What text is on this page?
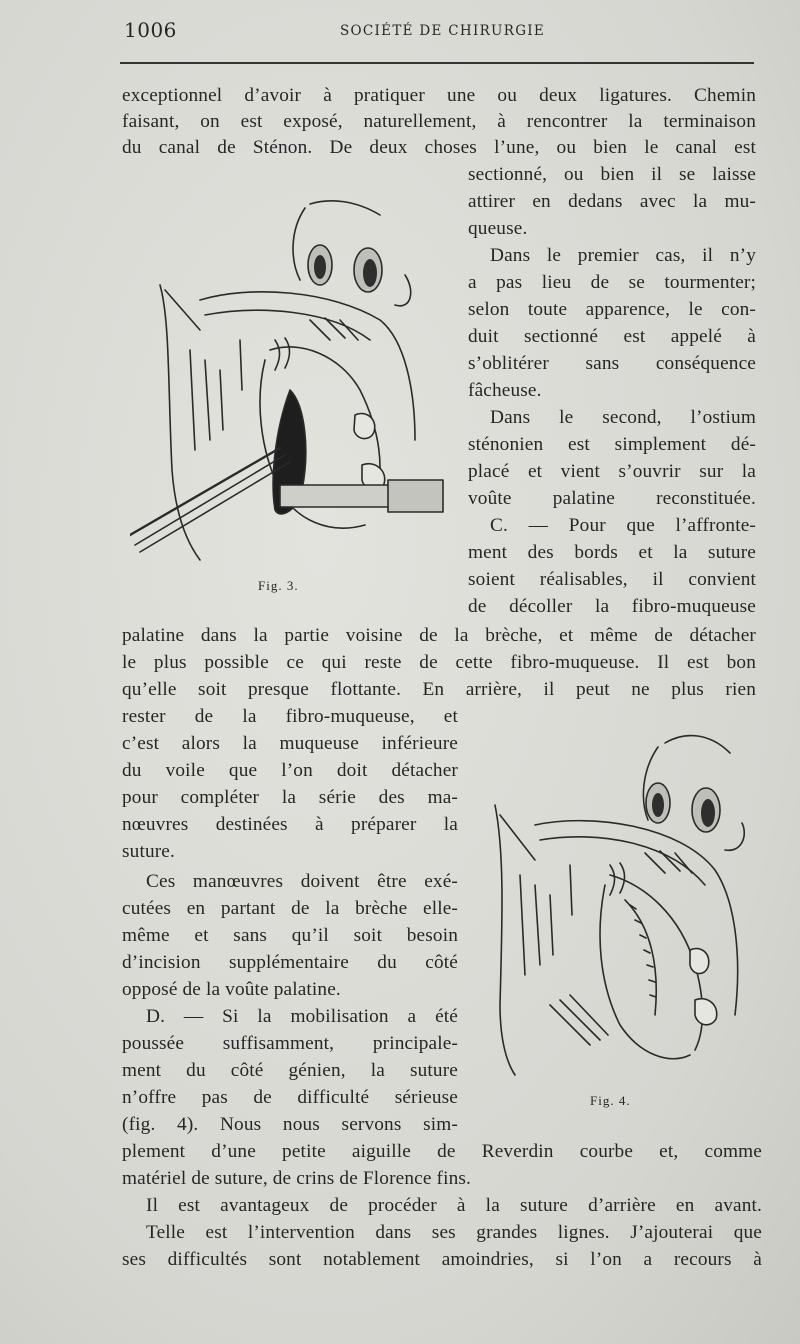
1006	SOCIÉTÉ DE CHIRURGIE
exceptionnel d’avoir à pratiquer une ou deux ligatures. Chemin
faisant, on est exposé, naturellement, à rencontrer la terminaison
du canal de Sténon. De deux choses l’une, ou bien le canal est
sectionné, ou bien il se laisse
attirer en dedans avec la mu-
queuse.
Dans le premier cas, il n’y
a pas lieu de se tourmenter;
selon toute apparence, le con-
duit sectionné est appelé à
s’oblitérer sans conséquence
fâcheuse.
Dans le second, l’ostium
sténonien est simplement dé-
placé et vient s’ouvrir sur la
voûte palatine reconstituée.
C. — Pour que l’affronte-
ment des bords et la suture
soient réalisables, il convient
de décoller la fibro-muqueuse
palatine dans la partie voisine de la brèche, et même de détacher
le plus possible ce qui reste de cette fibro-muqueuse. Il est bon
qu’elle soit presque flottante. En arrière, il peut ne plus rien
rester de la fibro-muqueuse, et
c’est alors la muqueuse inférieure
du voile que l’on doit détacher
pour compléter la série des ma-
nœuvres destinées à préparer la
suture.
Ces manœuvres doivent être exé-
cutées en partant de la brèche elle-
même et sans qu’il soit besoin
d’incision supplémentaire du côté
opposé de la voûte palatine.
D. — Si la mobilisation a été
poussée suffisamment, principale-
ment du côté génien, la suture
n’offre pas de difficulté sérieuse
(fig. 4). Nous nous servons sim-
plement d’une petite aiguille de Reverdin courbe et, comme
matériel de suture, de crins de Florence fins.
Il est avantageux de procéder à la suture d’arrière en avant.
Telle est l’intervention dans ses grandes lignes. J’ajouterai que
ses difficultés sont notablement amoindries, si l’on a recours à
Fig. 3.
Fig. 4.
